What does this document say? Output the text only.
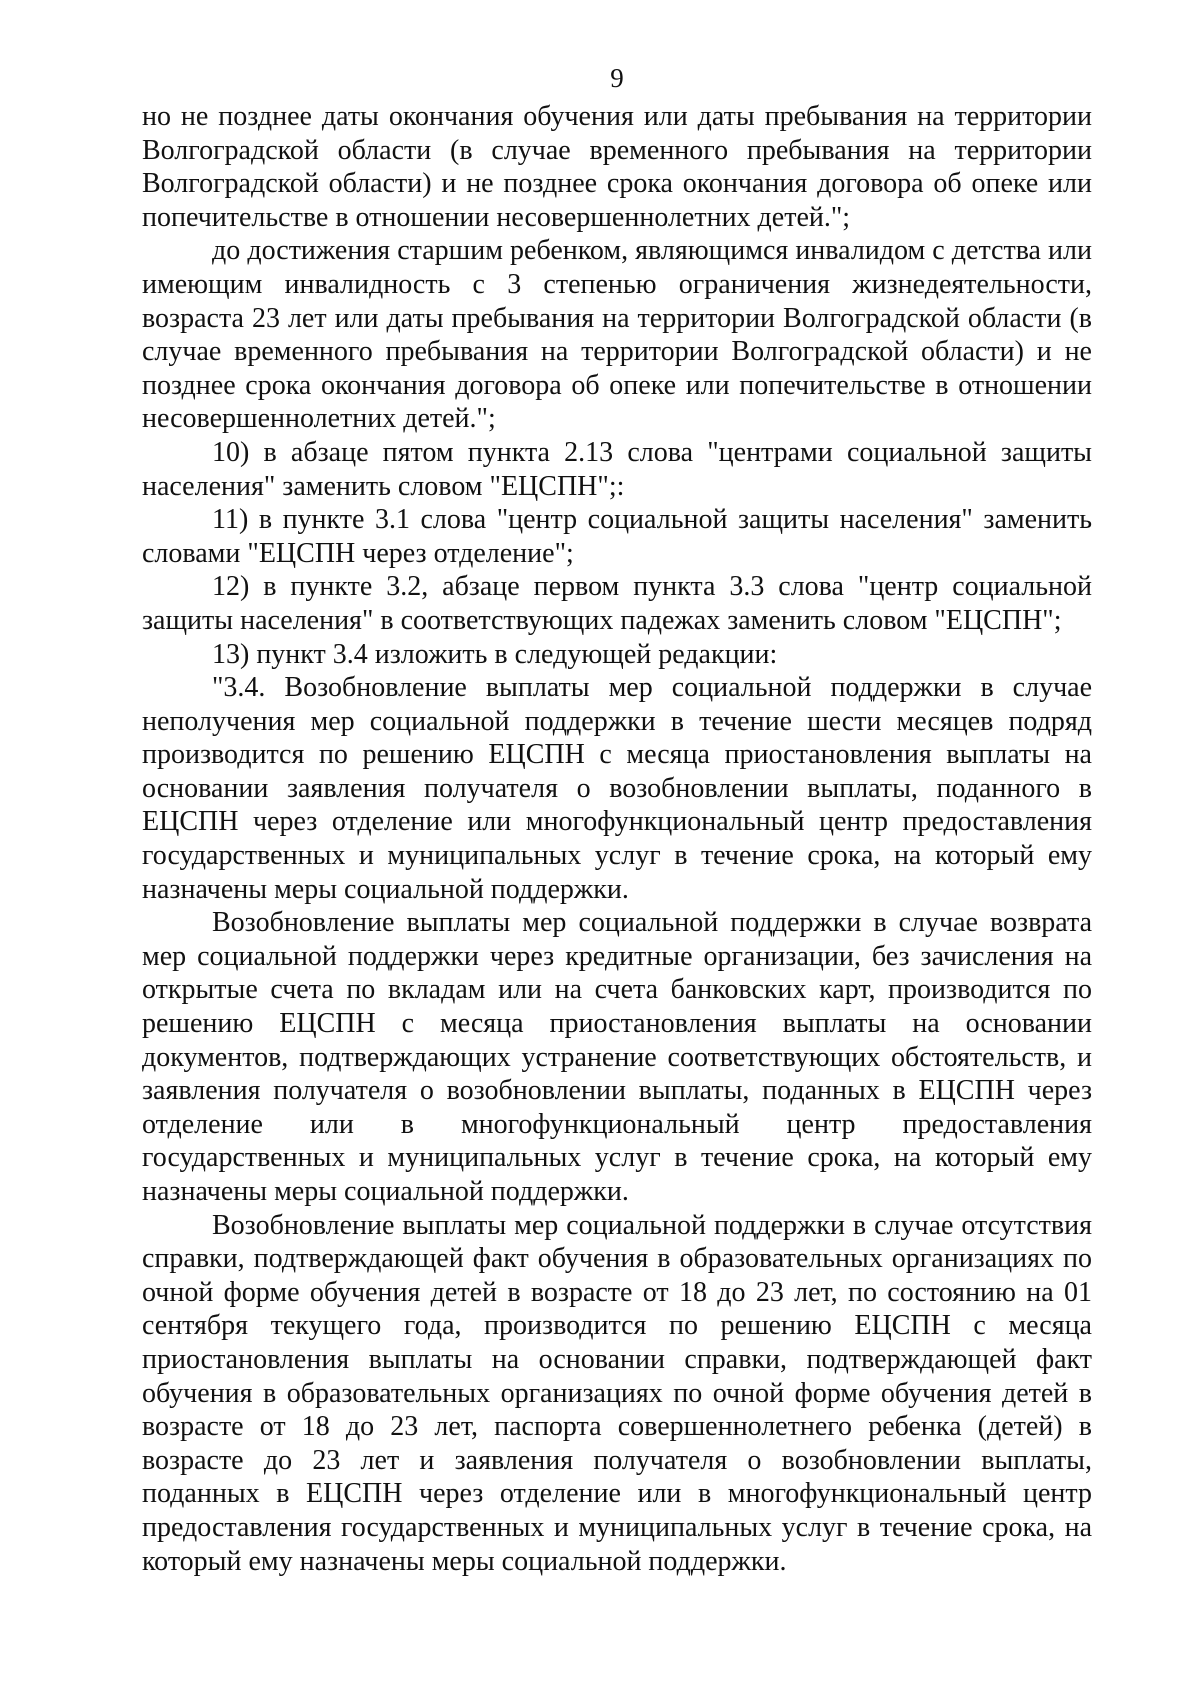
9

но не позднее даты окончания обучения или даты пребывания на территории Волгоградской области (в случае временного пребывания на территории Волгоградской области) и не позднее срока окончания договора об опеке или попечительстве в отношении несовершеннолетних детей.";

до достижения старшим ребенком, являющимся инвалидом с детства или имеющим инвалидность с 3 степенью ограничения жизнедеятельности, возраста 23 лет или даты пребывания на территории Волгоградской области (в случае временного пребывания на территории Волгоградской области) и не позднее срока окончания договора об опеке или попечительстве в отношении несовершеннолетних детей.";

10) в абзаце пятом пункта 2.13 слова "центрами социальной защиты населения" заменить словом "ЕЦСПН";:

11) в пункте 3.1 слова "центр социальной защиты населения" заменить словами "ЕЦСПН через отделение";

12) в пункте 3.2, абзаце первом пункта 3.3 слова "центр социальной защиты населения" в соответствующих падежах заменить словом "ЕЦСПН";

13) пункт 3.4 изложить в следующей редакции:

"3.4. Возобновление выплаты мер социальной поддержки в случае неполучения мер социальной поддержки в течение шести месяцев подряд производится по решению ЕЦСПН с месяца приостановления выплаты на основании заявления получателя о возобновлении выплаты, поданного в ЕЦСПН через отделение или многофункциональный центр предоставления государственных и муниципальных услуг в течение срока, на который ему назначены меры социальной поддержки.

Возобновление выплаты мер социальной поддержки в случае возврата мер социальной поддержки через кредитные организации, без зачисления на открытые счета по вкладам или на счета банковских карт, производится по решению ЕЦСПН с месяца приостановления выплаты на основании документов, подтверждающих устранение соответствующих обстоятельств, и заявления получателя о возобновлении выплаты, поданных в ЕЦСПН через отделение или в многофункциональный центр предоставления государственных и муниципальных услуг в течение срока, на который ему назначены меры социальной поддержки.

Возобновление выплаты мер социальной поддержки в случае отсутствия справки, подтверждающей факт обучения в образовательных организациях по очной форме обучения детей в возрасте от 18 до 23 лет, по состоянию на 01 сентября текущего года, производится по решению ЕЦСПН с месяца приостановления выплаты на основании справки, подтверждающей факт обучения в образовательных организациях по очной форме обучения детей в возрасте от 18 до 23 лет, паспорта совершеннолетнего ребенка (детей) в возрасте до 23 лет и заявления получателя о возобновлении выплаты, поданных в ЕЦСПН через отделение или в многофункциональный центр предоставления государственных и муниципальных услуг в течение срока, на который ему назначены меры социальной поддержки.
